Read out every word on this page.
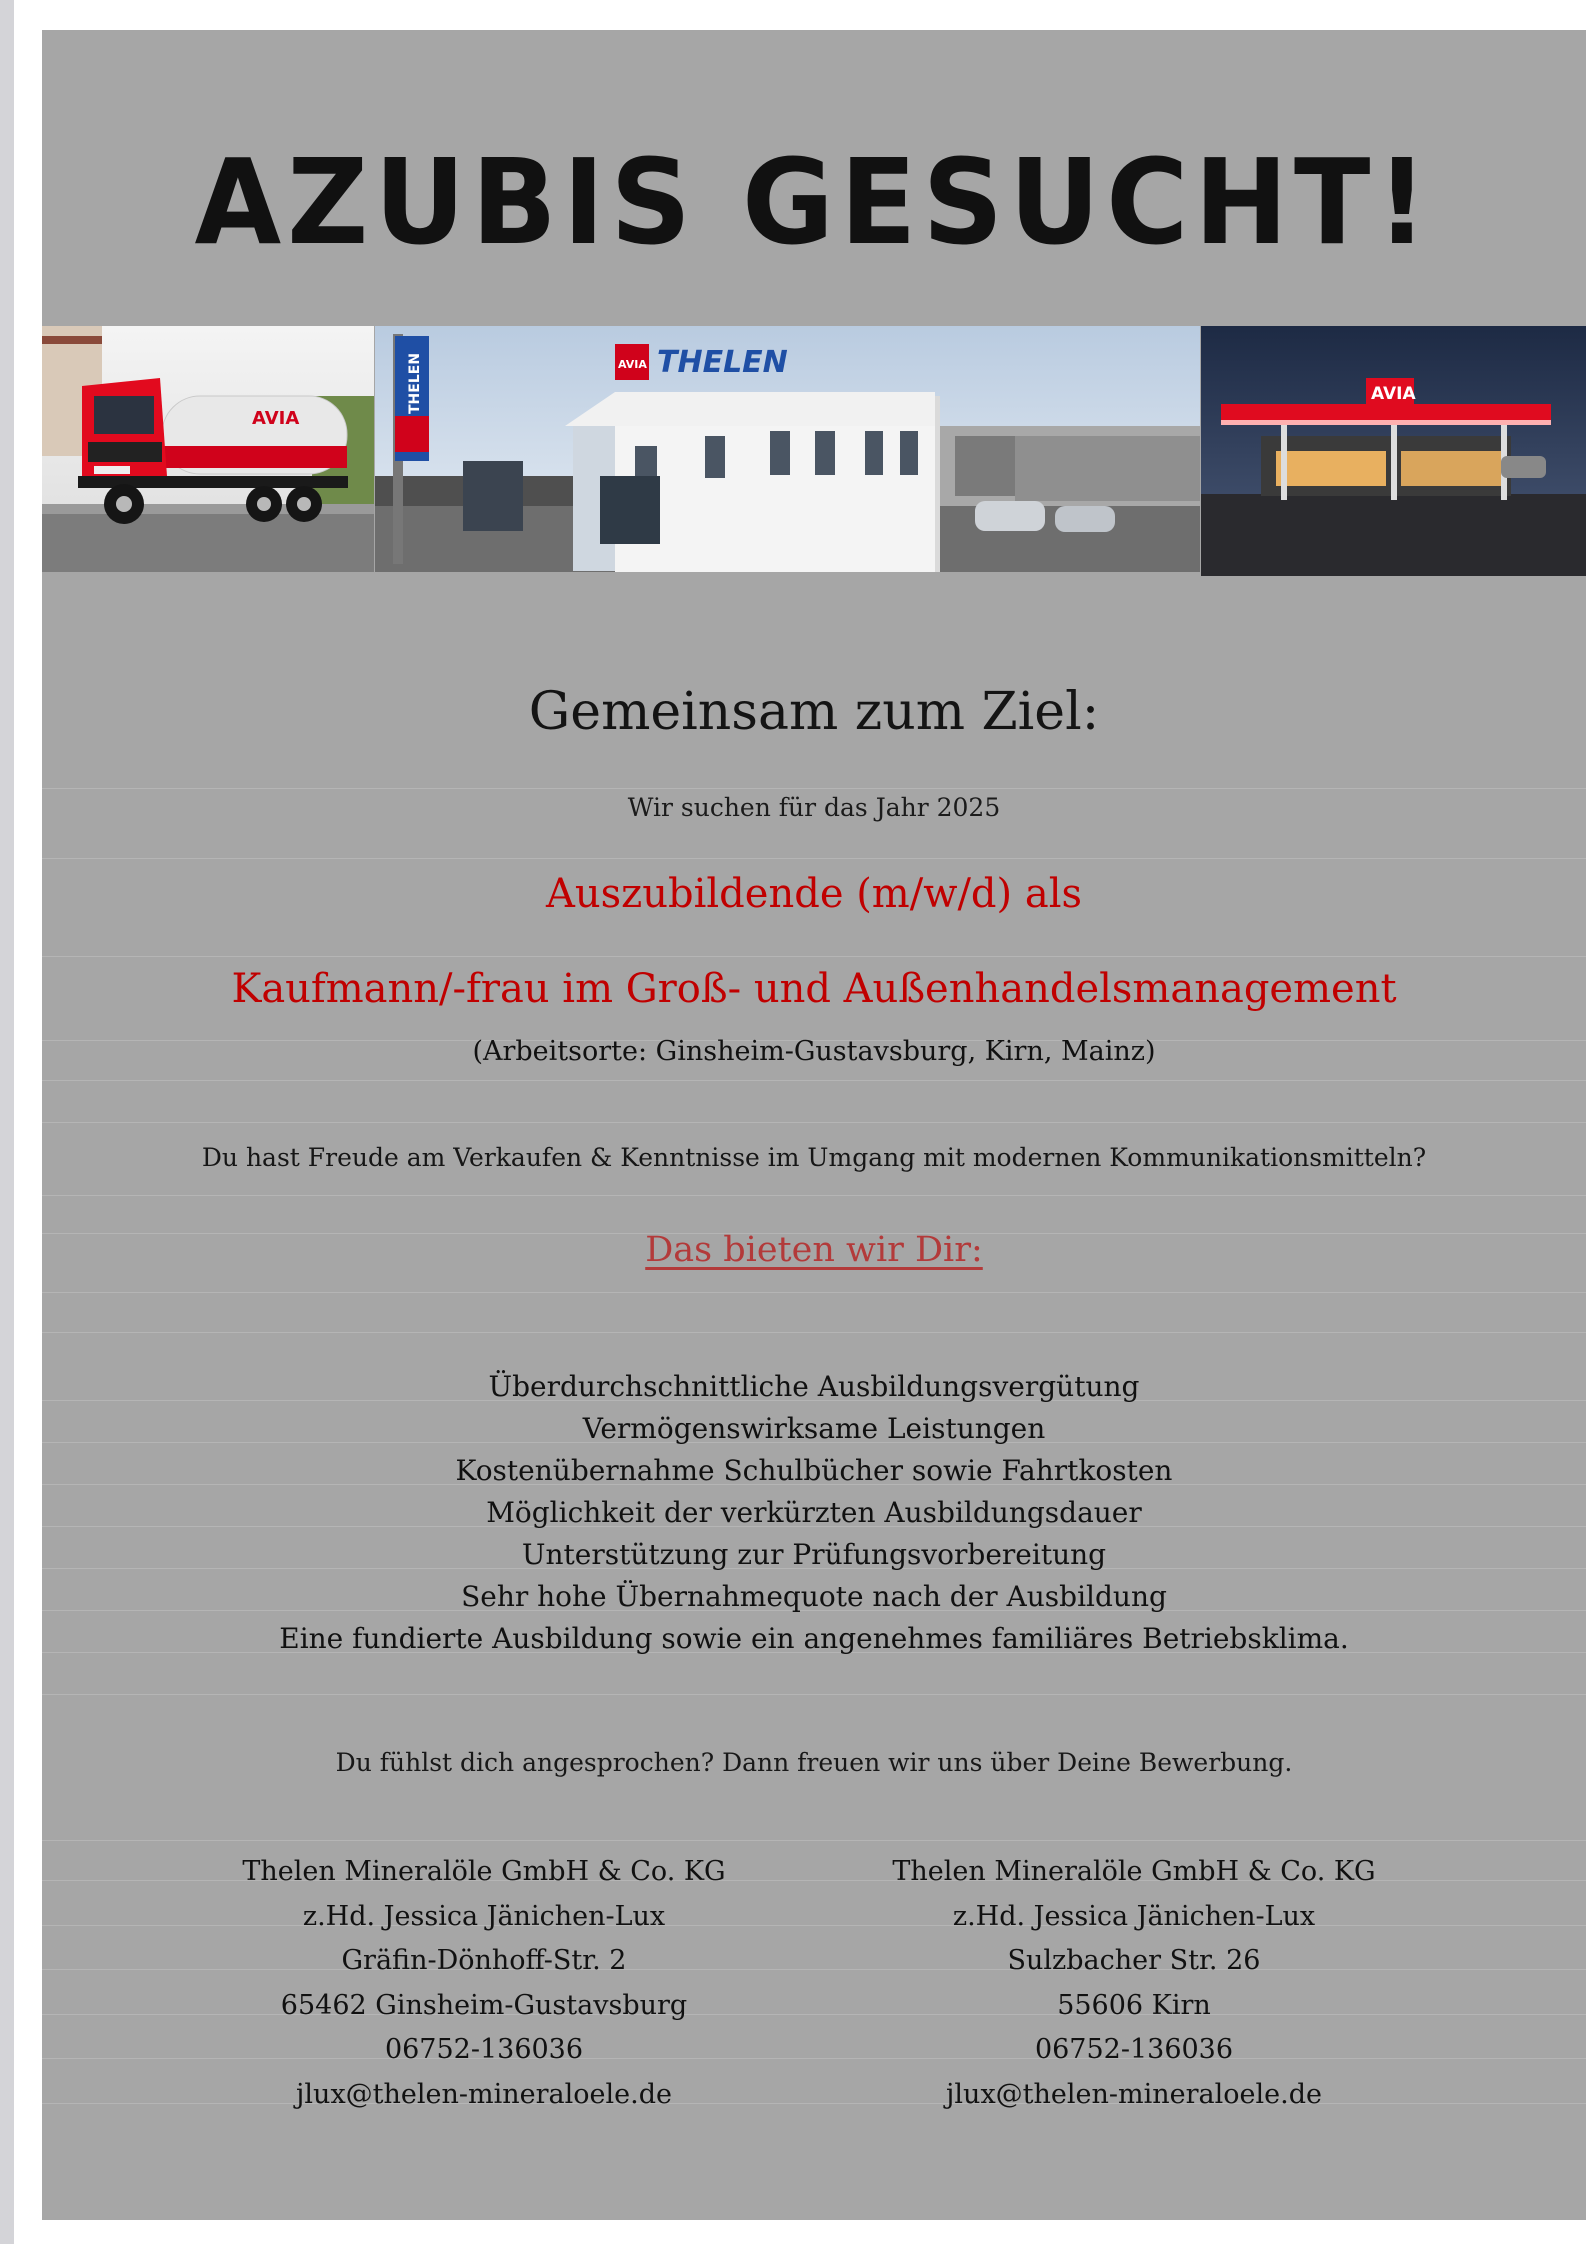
AZUBIS GESUCHT!
AVIA
THELEN	AVIA THELEN
AVIA
Gemeinsam zum Ziel:
Wir suchen für das Jahr 2025
Auszubildende (m/w/d) als
Kaufmann/-frau im Groß- und Außenhandelsmanagement
(Arbeitsorte: Ginsheim-Gustavsburg, Kirn, Mainz)
Du hast Freude am Verkaufen & Kenntnisse im Umgang mit modernen Kommunikationsmitteln?
Das bieten wir Dir:
Überdurchschnittliche Ausbildungsvergütung
Vermögenswirksame Leistungen
Kostenübernahme Schulbücher sowie Fahrtkosten
Möglichkeit der verkürzten Ausbildungsdauer
Unterstützung zur Prüfungsvorbereitung
Sehr hohe Übernahmequote nach der Ausbildung
Eine fundierte Ausbildung sowie ein angenehmes familiäres Betriebsklima.
Du fühlst dich angesprochen? Dann freuen wir uns über Deine Bewerbung.
Thelen Mineralöle GmbH & Co. KG
z.Hd. Jessica Jänichen-Lux
Gräfin-Dönhoff-Str. 2
65462 Ginsheim-Gustavsburg
06752-136036
jlux@thelen-mineraloele.de
Thelen Mineralöle GmbH & Co. KG
z.Hd. Jessica Jänichen-Lux
Sulzbacher Str. 26
55606 Kirn
06752-136036
jlux@thelen-mineraloele.de
